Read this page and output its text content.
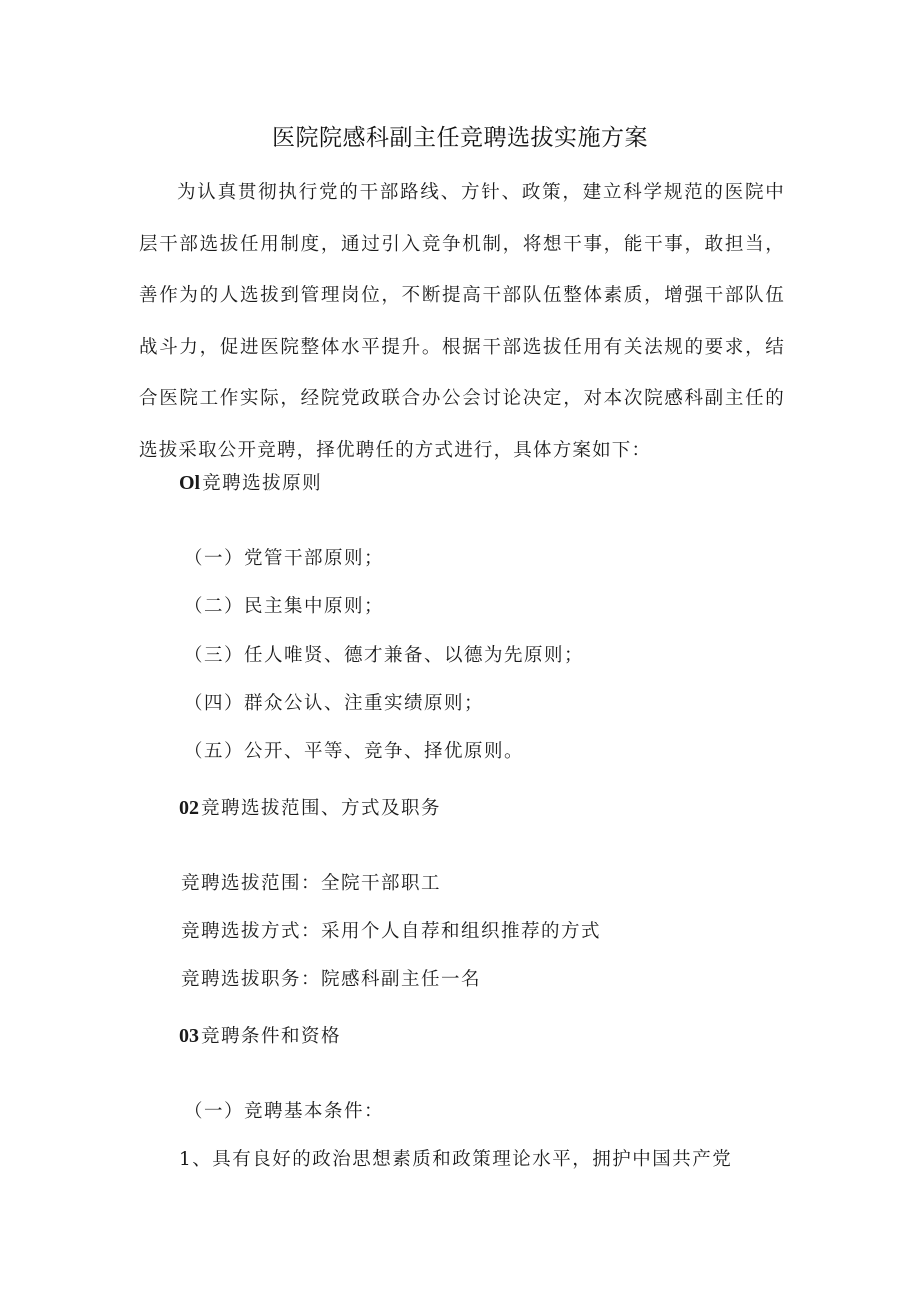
医院院感科副主任竞聘选拔实施方案

为认真贯彻执行党的干部路线、方针、政策，建立科学规范的医院中层干部选拔任用制度，通过引入竞争机制，将想干事，能干事，敢担当，善作为的人选拔到管理岗位，不断提高干部队伍整体素质，增强干部队伍战斗力，促进医院整体水平提升。根据干部选拔任用有关法规的要求，结合医院工作实际，经院党政联合办公会讨论决定，对本次院感科副主任的选拔采取公开竞聘，择优聘任的方式进行，具体方案如下：

Ol 竞聘选拔原则
（一）党管干部原则；
（二）民主集中原则；
（三）任人唯贤、德才兼备、以德为先原则；
（四）群众公认、注重实绩原则；
（五）公开、平等、竞争、择优原则。
02 竞聘选拔范围、方式及职务
竞聘选拔范围：全院干部职工
竞聘选拔方式：采用个人自荐和组织推荐的方式
竞聘选拔职务：院感科副主任一名
03 竞聘条件和资格
（一）竞聘基本条件：
1、具有良好的政治思想素质和政策理论水平，拥护中国共产党
